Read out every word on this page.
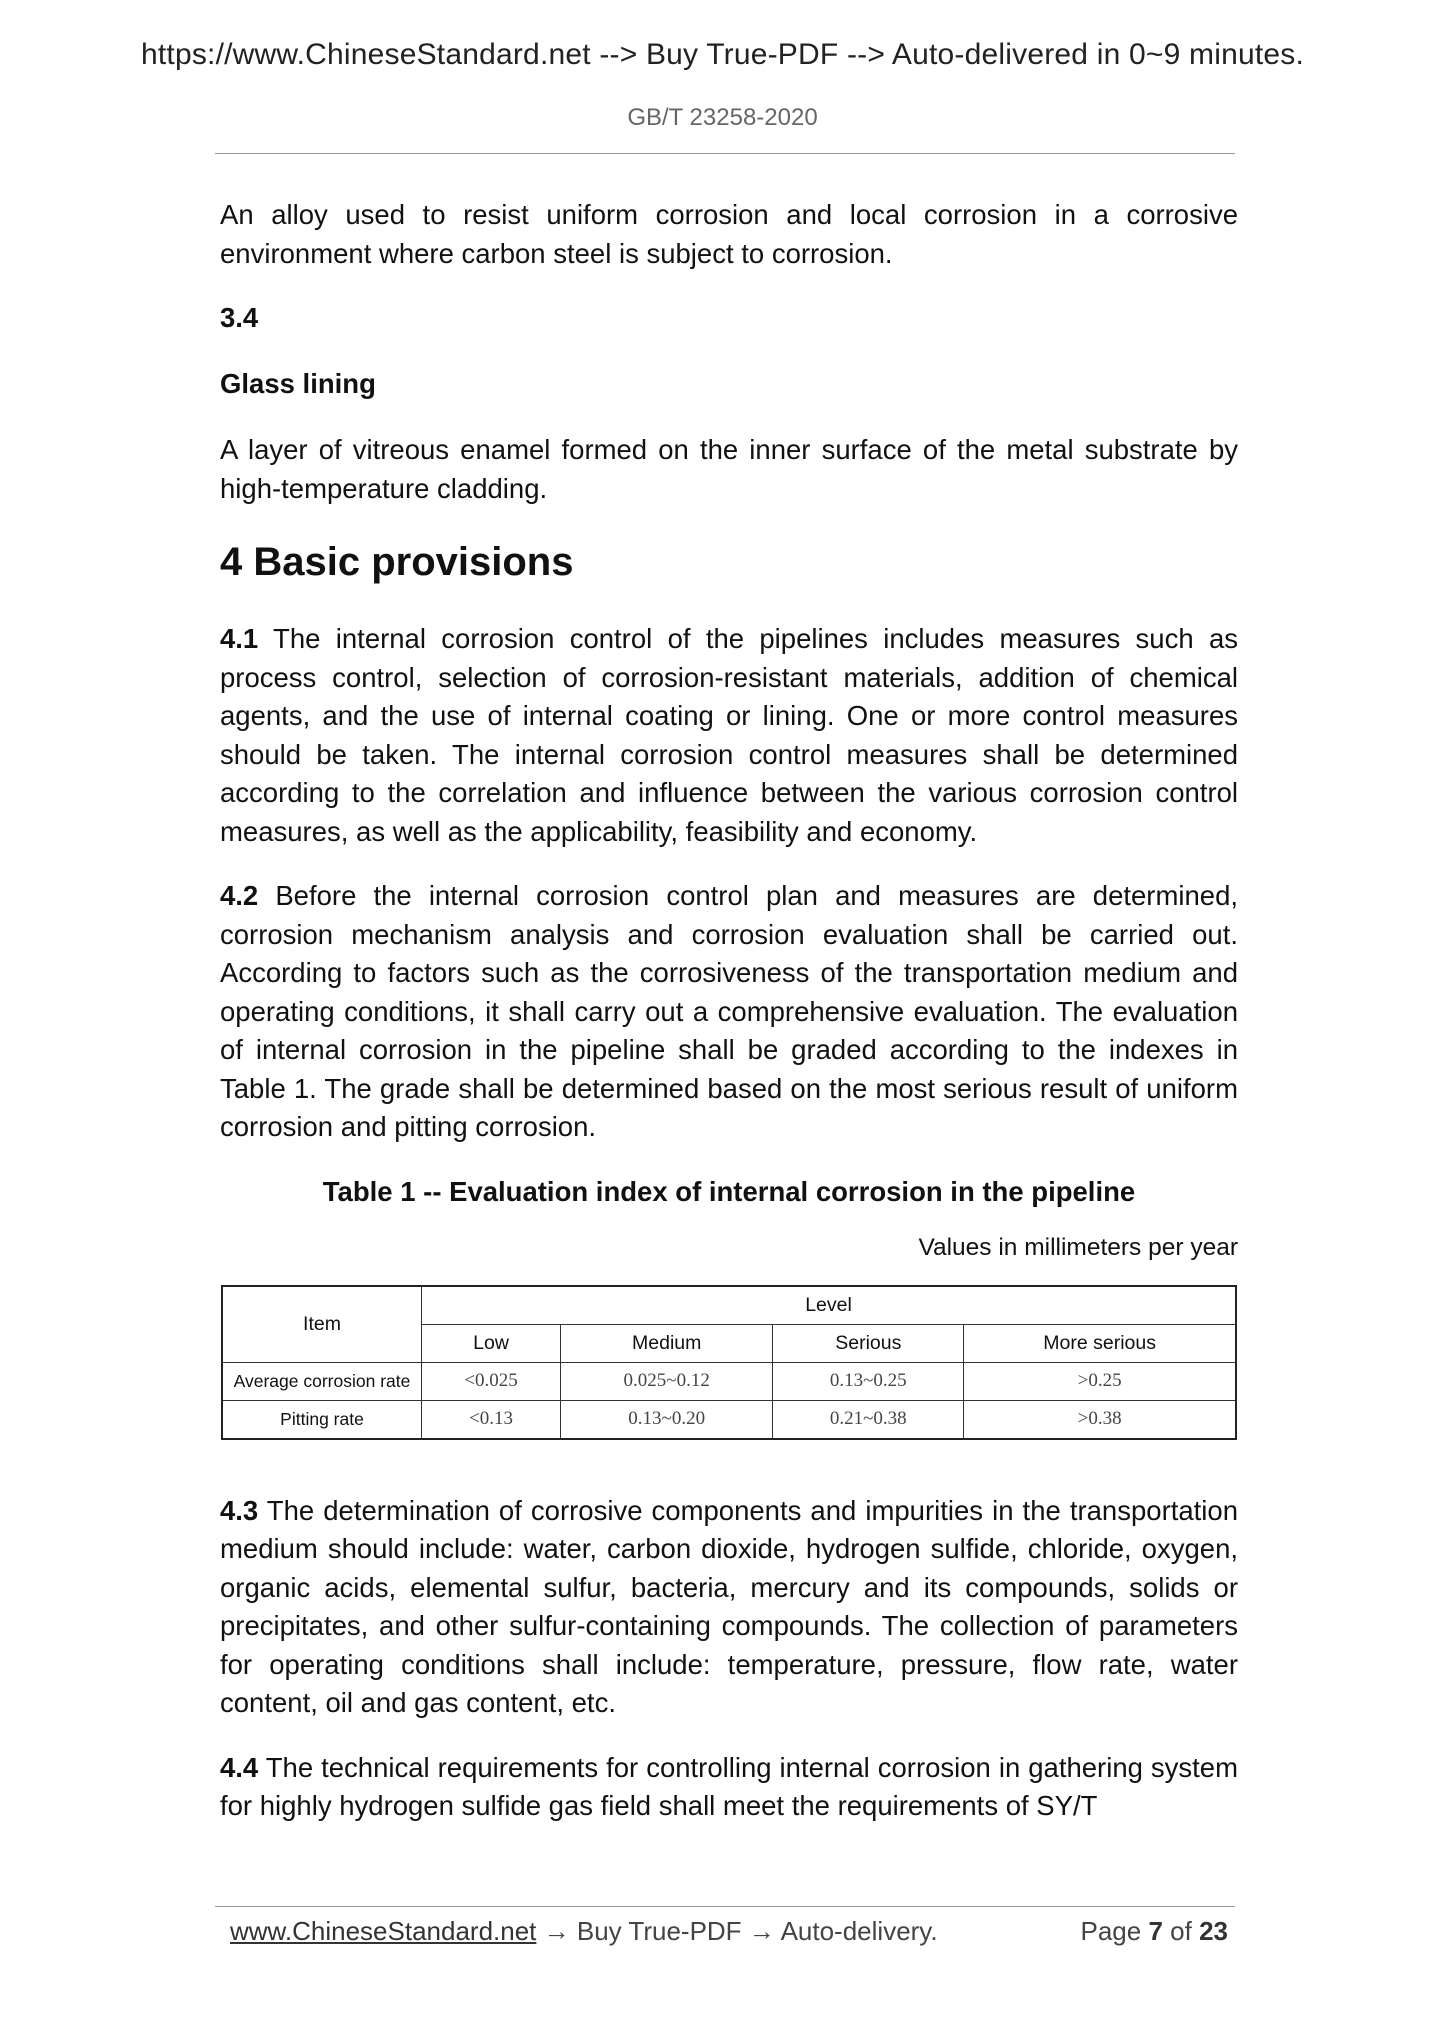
https://www.ChineseStandard.net --> Buy True-PDF --> Auto-delivered in 0~9 minutes.
GB/T 23258-2020

An alloy used to resist uniform corrosion and local corrosion in a corrosive environment where carbon steel is subject to corrosion.

3.4
Glass lining

A layer of vitreous enamel formed on the inner surface of the metal substrate by high-temperature cladding.

4 Basic provisions

4.1 The internal corrosion control of the pipelines includes measures such as process control, selection of corrosion-resistant materials, addition of chemical agents, and the use of internal coating or lining. One or more control measures should be taken. The internal corrosion control measures shall be determined according to the correlation and influence between the various corrosion control measures, as well as the applicability, feasibility and economy.

4.2 Before the internal corrosion control plan and measures are determined, corrosion mechanism analysis and corrosion evaluation shall be carried out. According to factors such as the corrosiveness of the transportation medium and operating conditions, it shall carry out a comprehensive evaluation. The evaluation of internal corrosion in the pipeline shall be graded according to the indexes in Table 1. The grade shall be determined based on the most serious result of uniform corrosion and pitting corrosion.

Table 1 -- Evaluation index of internal corrosion in the pipeline
Values in millimeters per year
Item	Level			
	Low	Medium	Serious	More serious
Average corrosion rate	<0.025	0.025~0.12	0.13~0.25	>0.25
Pitting rate	<0.13	0.13~0.20	0.21~0.38	>0.38

4.3 The determination of corrosive components and impurities in the transportation medium should include: water, carbon dioxide, hydrogen sulfide, chloride, oxygen, organic acids, elemental sulfur, bacteria, mercury and its compounds, solids or precipitates, and other sulfur-containing compounds. The collection of parameters for operating conditions shall include: temperature, pressure, flow rate, water content, oil and gas content, etc.

4.4 The technical requirements for controlling internal corrosion in gathering system for highly hydrogen sulfide gas field shall meet the requirements of SY/T

www.ChineseStandard.net → Buy True-PDF → Auto-delivery.	Page 7 of 23
